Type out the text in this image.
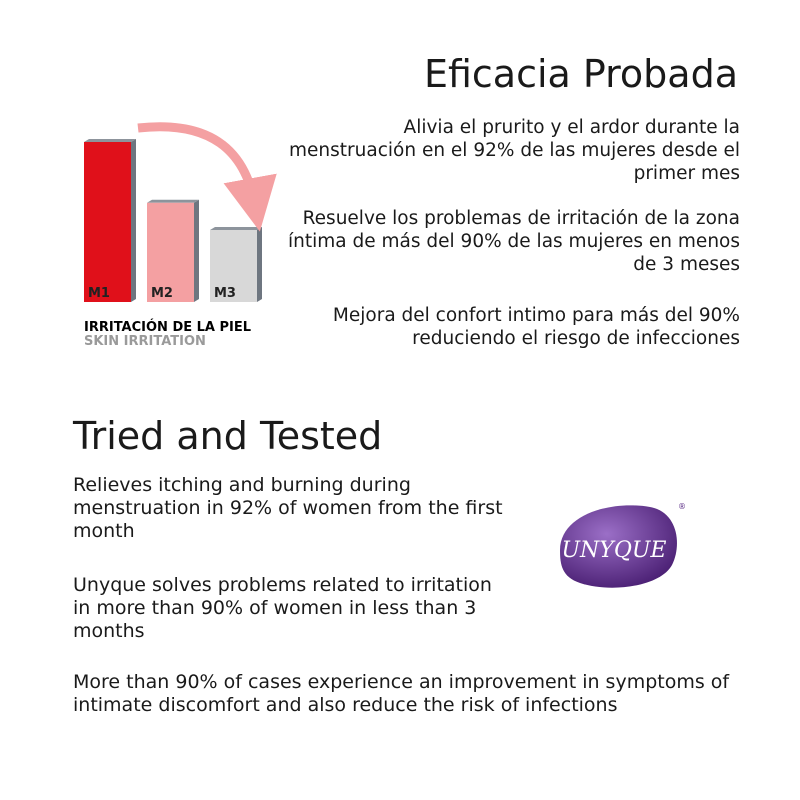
Eficacia Probada

Alivia el prurito y el ardor durante la menstruación en el 92% de las mujeres desde el primer mes

Resuelve los problemas de irritación de la zona íntima de más del 90% de las mujeres en menos de 3 meses

Mejora del confort intimo para más del 90% reduciendo el riesgo de infecciones

M1	M2	M3
IRRITACIÓN DE LA PIEL
SKIN IRRITATION
Tried and Tested

Relieves itching and burning during menstruation in 92% of women from the first month

Unyque solves problems related to irritation in more than 90% of women in less than 3 months

More than 90% of cases experience an improvement in symptoms of intimate discomfort and also reduce the risk of infections

UNYQUE
®
